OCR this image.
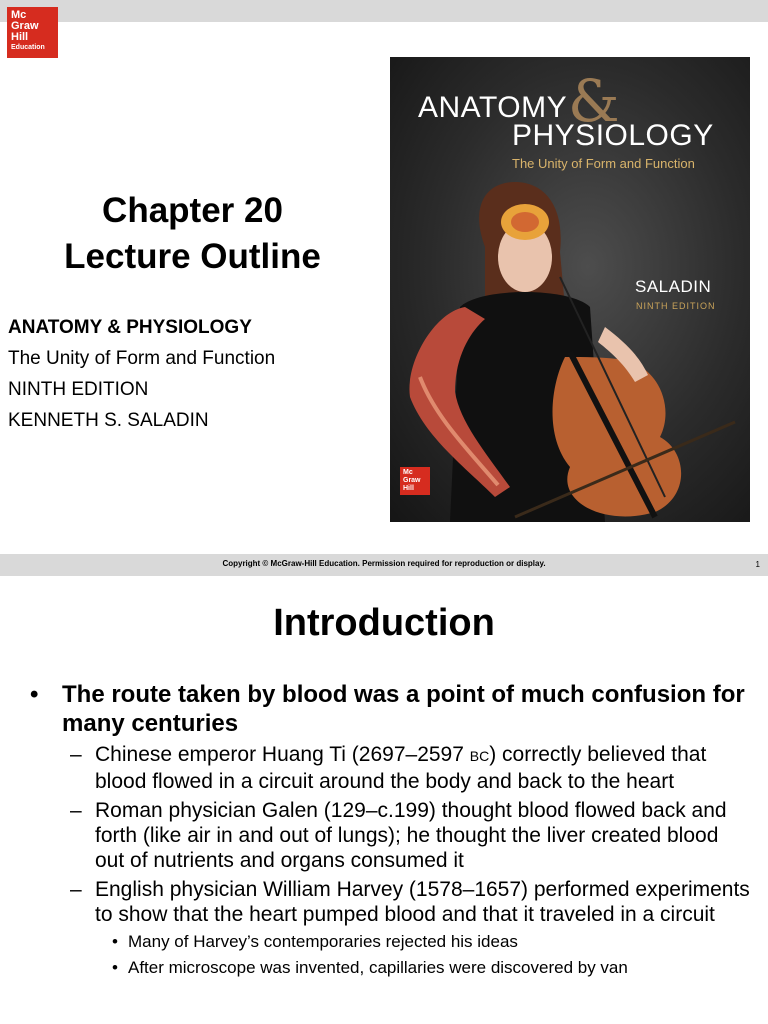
Mc
Graw
Hill
Education
Chapter 20
Lecture Outline
ANATOMY & PHYSIOLOGY
The Unity of Form and Function
NINTH EDITION
KENNETH S. SALADIN
ANATOMY &
PHYSIOLOGY
The Unity of Form and Function
SALADIN
NINTH EDITION
Mc
Graw
Hill
Copyright © McGraw-Hill Education. Permission required for reproduction or display.	1
Introduction
• The route taken by blood was a point of much confusion for many centuries
– Chinese emperor Huang Ti (2697–2597 BC) correctly believed that blood flowed in a circuit around the body and back to the heart
– Roman physician Galen (129–c.199) thought blood flowed back and forth (like air in and out of lungs); he thought the liver created blood out of nutrients and organs consumed it
– English physician William Harvey (1578–1657) performed experiments to show that the heart pumped blood and that it traveled in a circuit
• Many of Harvey’s contemporaries rejected his ideas
• After microscope was invented, capillaries were discovered by van
